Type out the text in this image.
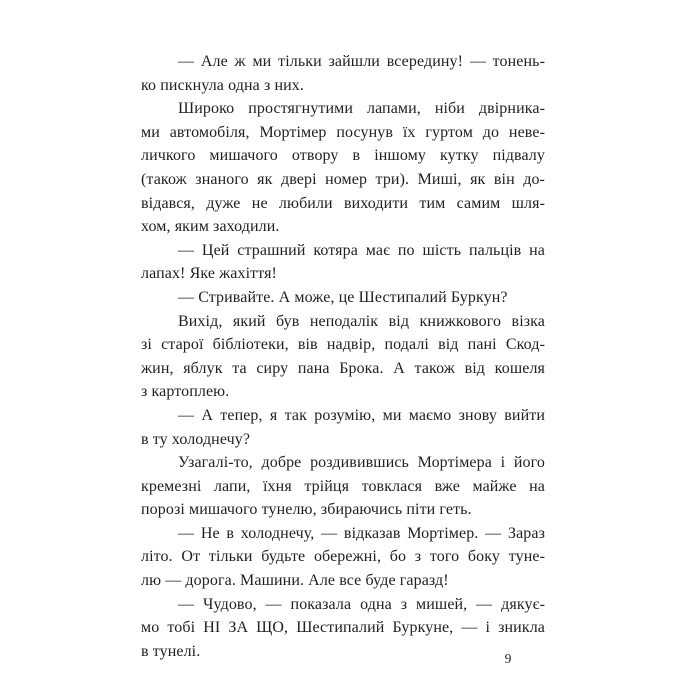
— Але ж ми тільки зайшли всередину! — тонень-
ко пискнула одна з них.
Широко простягнутими лапами, ніби двірника-
ми автомобіля, Мортімер посунув їх гуртом до неве-
личкого мишачого отвору в іншому кутку підвалу
(також знаного як двері номер три). Миші, як він до-
відався, дуже не любили виходити тим самим шля-
хом, яким заходили.
— Цей страшний котяра має по шість пальців на
лапах! Яке жахіття!
— Стривайте. А може, це Шестипалий Буркун?
Вихід, який був неподалік від книжкового візка
зі старої бібліотеки, вів надвір, подалі від пані Скод-
жин, яблук та сиру пана Брока. А також від кошеля
з картоплею.
— А тепер, я так розумію, ми маємо знову вийти
в ту холоднечу?
Узагалі-то, добре роздивившись Мортімера і його
кремезні лапи, їхня трійця товклася вже майже на
порозі мишачого тунелю, збираючись піти геть.
— Не в холоднечу, — відказав Мортімер. — Зараз
літо. От тільки будьте обережні, бо з того боку туне-
лю — дорога. Машини. Але все буде гаразд!
— Чудово, — показала одна з мишей, — дякує-
мо тобі НІ ЗА ЩО, Шестипалий Буркуне, — і зникла
в тунелі.	9
